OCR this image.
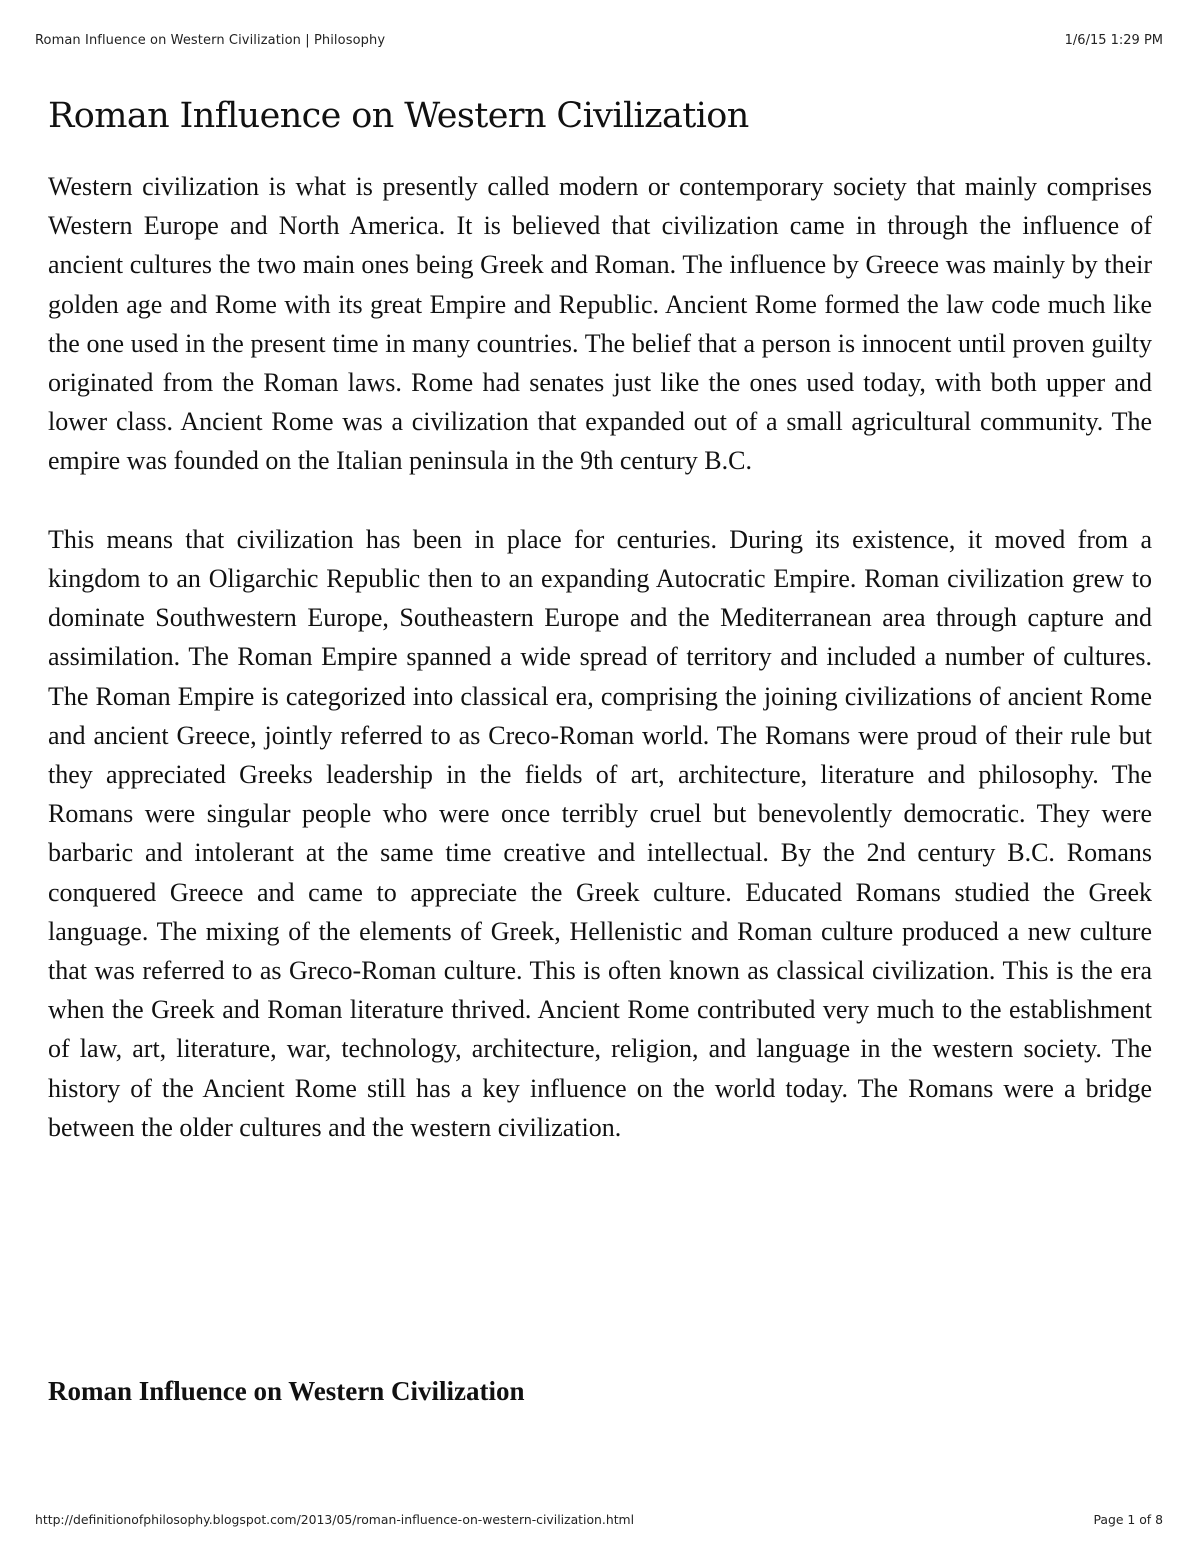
Roman Influence on Western Civilization | Philosophy	1/6/15 1:29 PM
Roman Influence on Western Civilization

Western civilization is what is presently called modern or contemporary society that mainly comprises Western Europe and North America. It is believed that civilization came in through the influence of ancient cultures the two main ones being Greek and Roman. The influence by Greece was mainly by their golden age and Rome with its great Empire and Republic. Ancient Rome formed the law code much like the one used in the present time in many countries. The belief that a person is innocent until proven guilty originated from the Roman laws. Rome had senates just like the ones used today, with both upper and lower class. Ancient Rome was a civilization that expanded out of a small agricultural community. The empire was founded on the Italian peninsula in the 9th century B.C.

This means that civilization has been in place for centuries. During its existence, it moved from a kingdom to an Oligarchic Republic then to an expanding Autocratic Empire. Roman civilization grew to dominate Southwestern Europe, Southeastern Europe and the Mediterranean area through capture and assimilation. The Roman Empire spanned a wide spread of territory and included a number of cultures. The Roman Empire is categorized into classical era, comprising the joining civilizations of ancient Rome and ancient Greece, jointly referred to as Creco-Roman world. The Romans were proud of their rule but they appreciated Greeks leadership in the fields of art, architecture, literature and philosophy. The Romans were singular people who were once terribly cruel but benevolently democratic. They were barbaric and intolerant at the same time creative and intellectual. By the 2nd century B.C. Romans conquered Greece and came to appreciate the Greek culture. Educated Romans studied the Greek language. The mixing of the elements of Greek, Hellenistic and Roman culture produced a new culture that was referred to as Greco-Roman culture. This is often known as classical civilization. This is the era when the Greek and Roman literature thrived. Ancient Rome contributed very much to the establishment of law, art, literature, war, technology, architecture, religion, and language in the western society. The history of the Ancient Rome still has a key influence on the world today. The Romans were a bridge between the older cultures and the western civilization.

Roman Influence on Western Civilization
http://definitionofphilosophy.blogspot.com/2013/05/roman-influence-on-western-civilization.html	Page 1 of 8
